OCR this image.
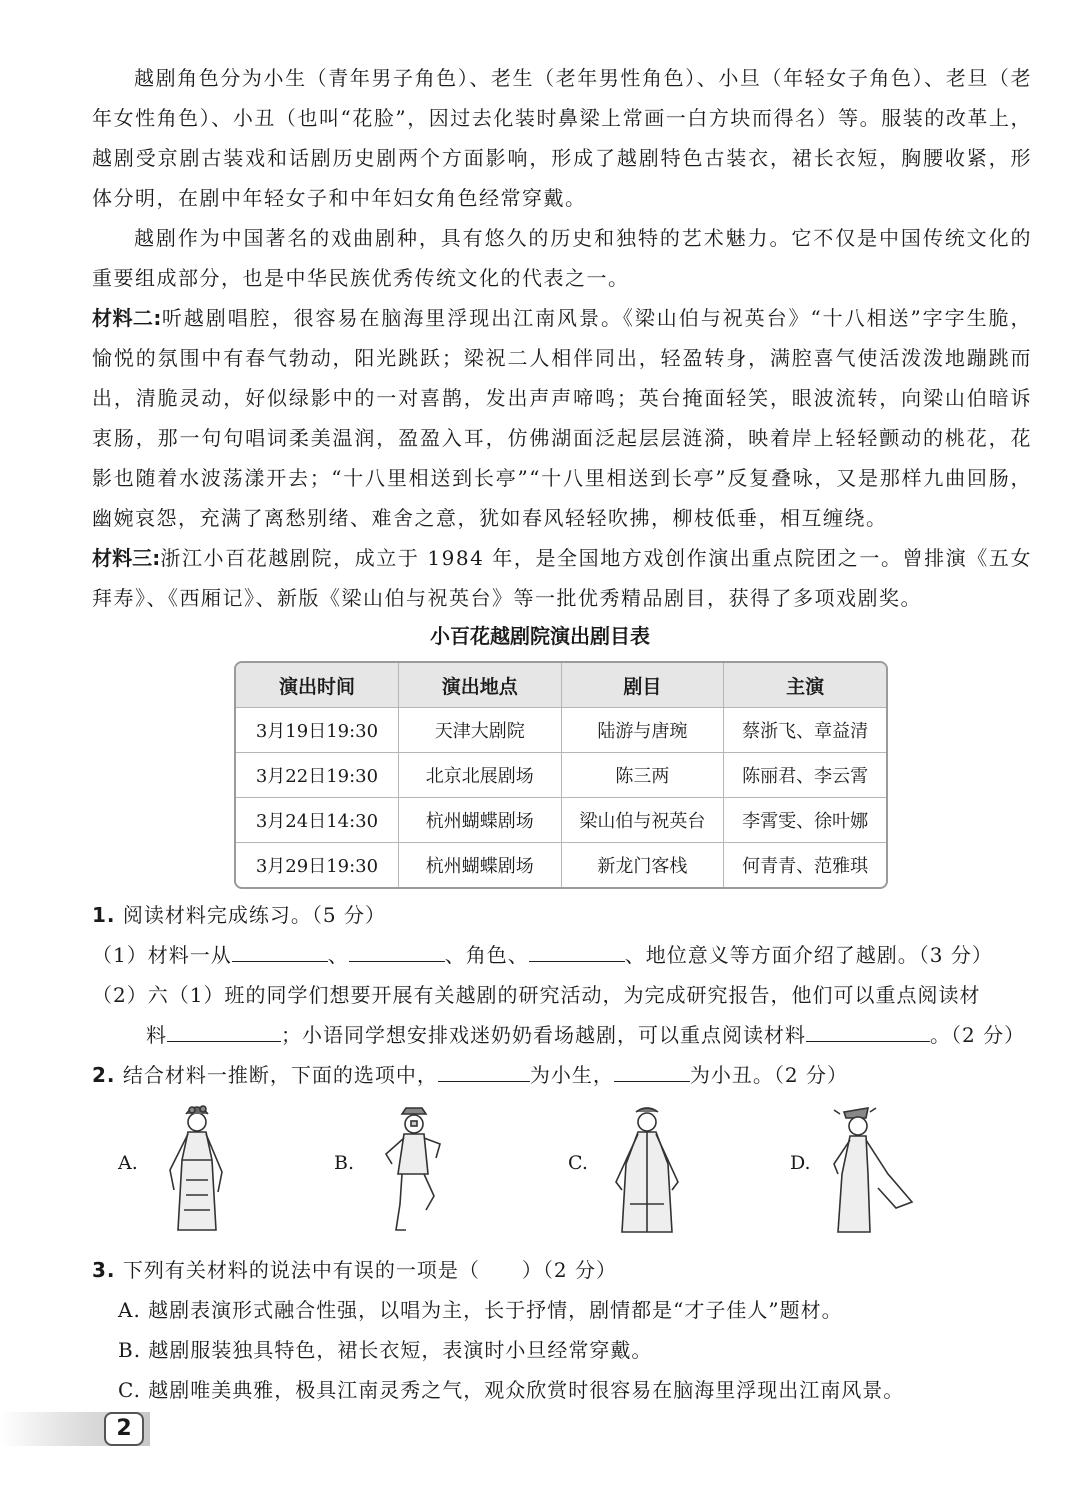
越剧角色分为小生（青年男子角色）、老生（老年男性角色）、小旦（年轻女子角色）、老旦（老年女性角色）、小丑（也叫“花脸”，因过去化装时鼻梁上常画一白方块而得名）等。服装的改革上，越剧受京剧古装戏和话剧历史剧两个方面影响，形成了越剧特色古装衣，裙长衣短，胸腰收紧，形体分明，在剧中年轻女子和中年妇女角色经常穿戴。

越剧作为中国著名的戏曲剧种，具有悠久的历史和独特的艺术魅力。它不仅是中国传统文化的重要组成部分，也是中华民族优秀传统文化的代表之一。

材料二:听越剧唱腔，很容易在脑海里浮现出江南风景。《梁山伯与祝英台》“十八相送”字字生脆，愉悦的氛围中有春气勃动，阳光跳跃；梁祝二人相伴同出，轻盈转身，满腔喜气使活泼泼地蹦跳而出，清脆灵动，好似绿影中的一对喜鹊，发出声声啼鸣；英台掩面轻笑，眼波流转，向梁山伯暗诉衷肠，那一句句唱词柔美温润，盈盈入耳，仿佛湖面泛起层层涟漪，映着岸上轻轻颤动的桃花，花影也随着水波荡漾开去；“十八里相送到长亭”“十八里相送到长亭”反复叠咏，又是那样九曲回肠，幽婉哀怨，充满了离愁别绪、难舍之意，犹如春风轻轻吹拂，柳枝低垂，相互缠绕。

材料三:浙江小百花越剧院，成立于 1984 年，是全国地方戏创作演出重点院团之一。曾排演《五女拜寿》、《西厢记》、新版《梁山伯与祝英台》等一批优秀精品剧目，获得了多项戏剧奖。

小百花越剧院演出剧目表
演出时间	演出地点	剧目	主演
3月19日19:30	天津大剧院	陆游与唐琬	蔡浙飞、章益清
3月22日19:30	北京北展剧场	陈三两	陈丽君、李云霄
3月24日14:30	杭州蝴蝶剧场	梁山伯与祝英台	李霄雯、徐叶娜
3月29日19:30	杭州蝴蝶剧场	新龙门客栈	何青青、范雅琪

1. 阅读材料完成练习。（5 分）

（1）材料一从	、	、角色、	、地位意义等方面介绍了越剧。（3 分）

（2）六（1）班的同学们想要开展有关越剧的研究活动，为完成研究报告，他们可以重点阅读材

料	；小语同学想安排戏迷奶奶看场越剧，可以重点阅读材料	。（2 分）

2. 结合材料一推断，下面的选项中，	为小生，	为小丑。（2 分）

A.	B.	C.	D.

3. 下列有关材料的说法中有误的一项是（　　）（2 分）

A. 越剧表演形式融合性强，以唱为主，长于抒情，剧情都是“才子佳人”题材。

B. 越剧服装独具特色，裙长衣短，表演时小旦经常穿戴。

C. 越剧唯美典雅，极具江南灵秀之气，观众欣赏时很容易在脑海里浮现出江南风景。

2
